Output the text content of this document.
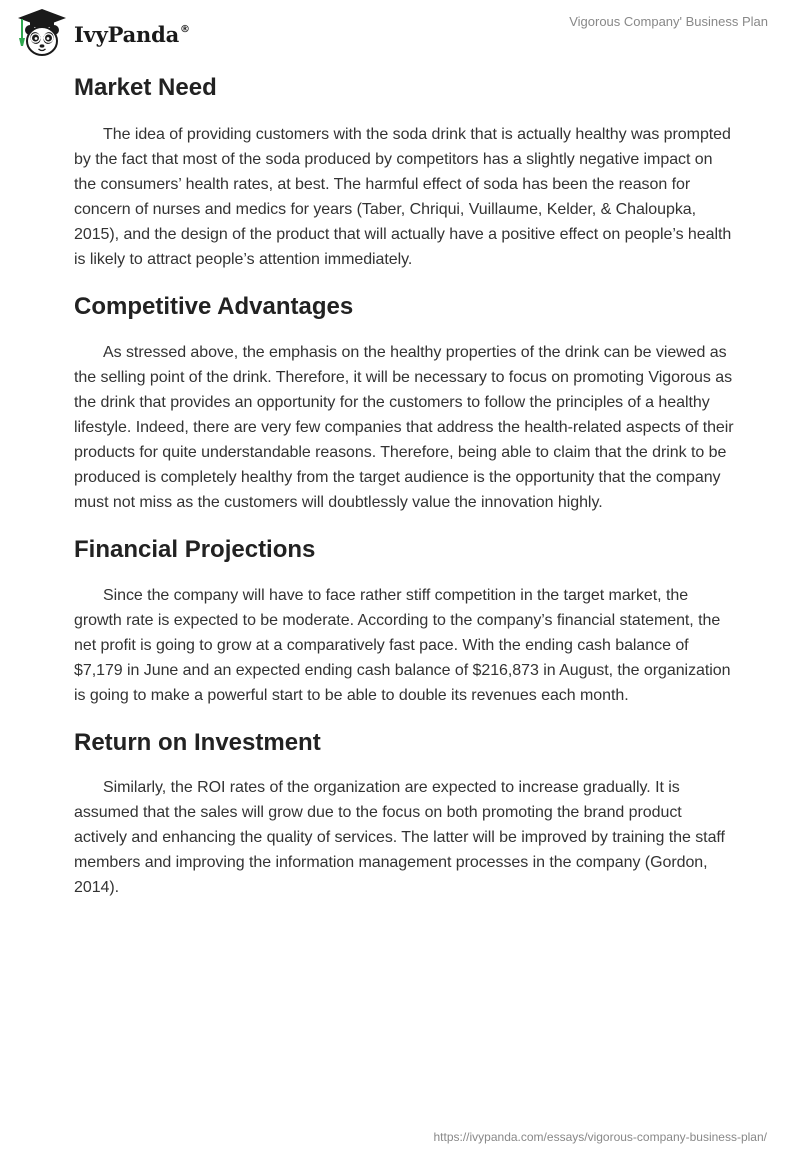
IvyPanda®	Vigorous Company' Business Plan
Market Need

The idea of providing customers with the soda drink that is actually healthy was prompted by the fact that most of the soda produced by competitors has a slightly negative impact on the consumers’ health rates, at best. The harmful effect of soda has been the reason for concern of nurses and medics for years (Taber, Chriqui, Vuillaume, Kelder, & Chaloupka, 2015), and the design of the product that will actually have a positive effect on people’s health is likely to attract people’s attention immediately.

Competitive Advantages

As stressed above, the emphasis on the healthy properties of the drink can be viewed as the selling point of the drink. Therefore, it will be necessary to focus on promoting Vigorous as the drink that provides an opportunity for the customers to follow the principles of a healthy lifestyle. Indeed, there are very few companies that address the health-related aspects of their products for quite understandable reasons. Therefore, being able to claim that the drink to be produced is completely healthy from the target audience is the opportunity that the company must not miss as the customers will doubtlessly value the innovation highly.

Financial Projections

Since the company will have to face rather stiff competition in the target market, the growth rate is expected to be moderate. According to the company’s financial statement, the net profit is going to grow at a comparatively fast pace. With the ending cash balance of $7,179 in June and an expected ending cash balance of $216,873 in August, the organization is going to make a powerful start to be able to double its revenues each month.

Return on Investment

Similarly, the ROI rates of the organization are expected to increase gradually. It is assumed that the sales will grow due to the focus on both promoting the brand product actively and enhancing the quality of services. The latter will be improved by training the staff members and improving the information management processes in the company (Gordon, 2014).

https://ivypanda.com/essays/vigorous-company-business-plan/
